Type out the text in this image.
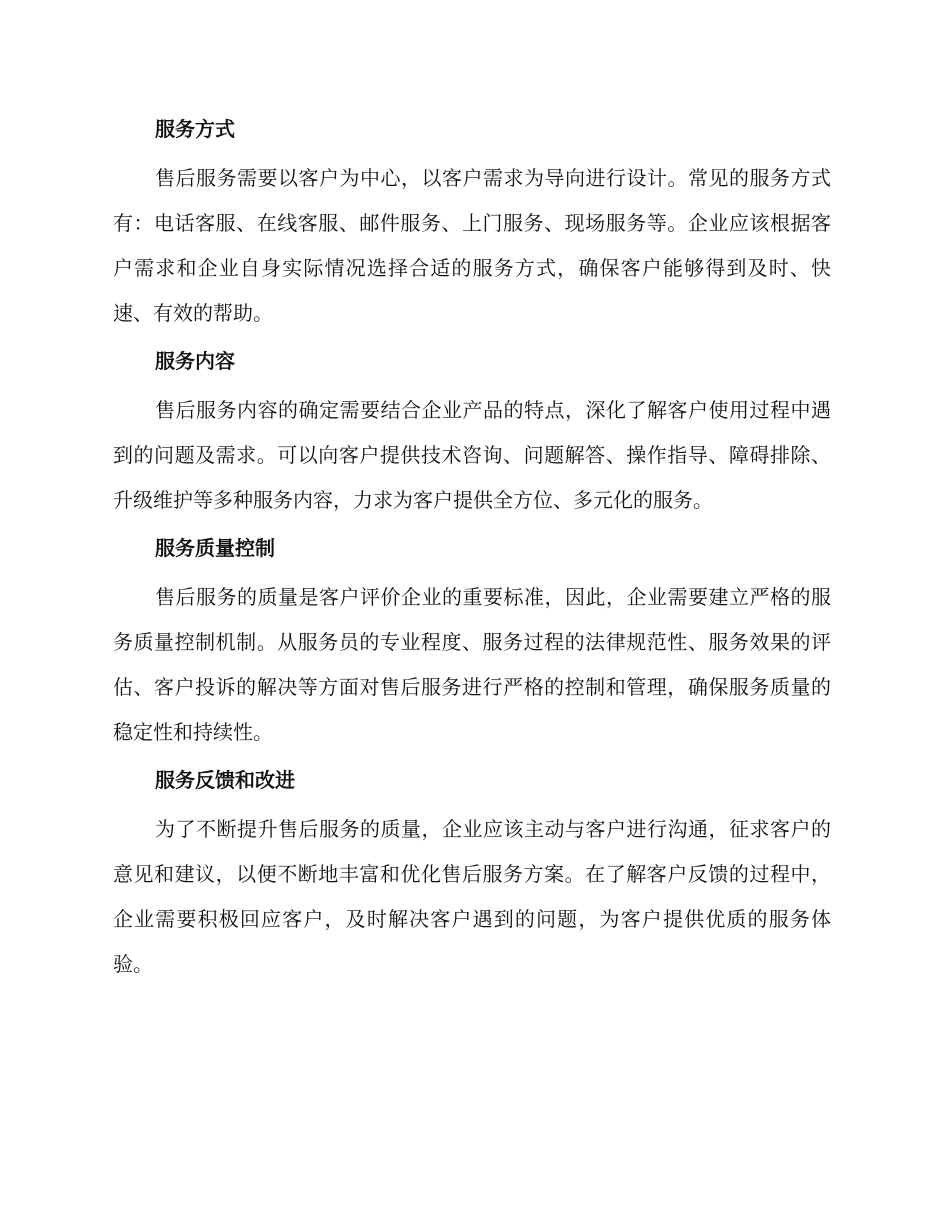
服务方式

售后服务需要以客户为中心，以客户需求为导向进行设计。常见的服务方式有：电话客服、在线客服、邮件服务、上门服务、现场服务等。企业应该根据客户需求和企业自身实际情况选择合适的服务方式，确保客户能够得到及时、快速、有效的帮助。

服务内容

售后服务内容的确定需要结合企业产品的特点，深化了解客户使用过程中遇到的问题及需求。可以向客户提供技术咨询、问题解答、操作指导、障碍排除、升级维护等多种服务内容，力求为客户提供全方位、多元化的服务。

服务质量控制

售后服务的质量是客户评价企业的重要标准，因此，企业需要建立严格的服务质量控制机制。从服务员的专业程度、服务过程的法律规范性、服务效果的评估、客户投诉的解决等方面对售后服务进行严格的控制和管理，确保服务质量的稳定性和持续性。

服务反馈和改进

为了不断提升售后服务的质量，企业应该主动与客户进行沟通，征求客户的意见和建议，以便不断地丰富和优化售后服务方案。在了解客户反馈的过程中，企业需要积极回应客户，及时解决客户遇到的问题，为客户提供优质的服务体验。
